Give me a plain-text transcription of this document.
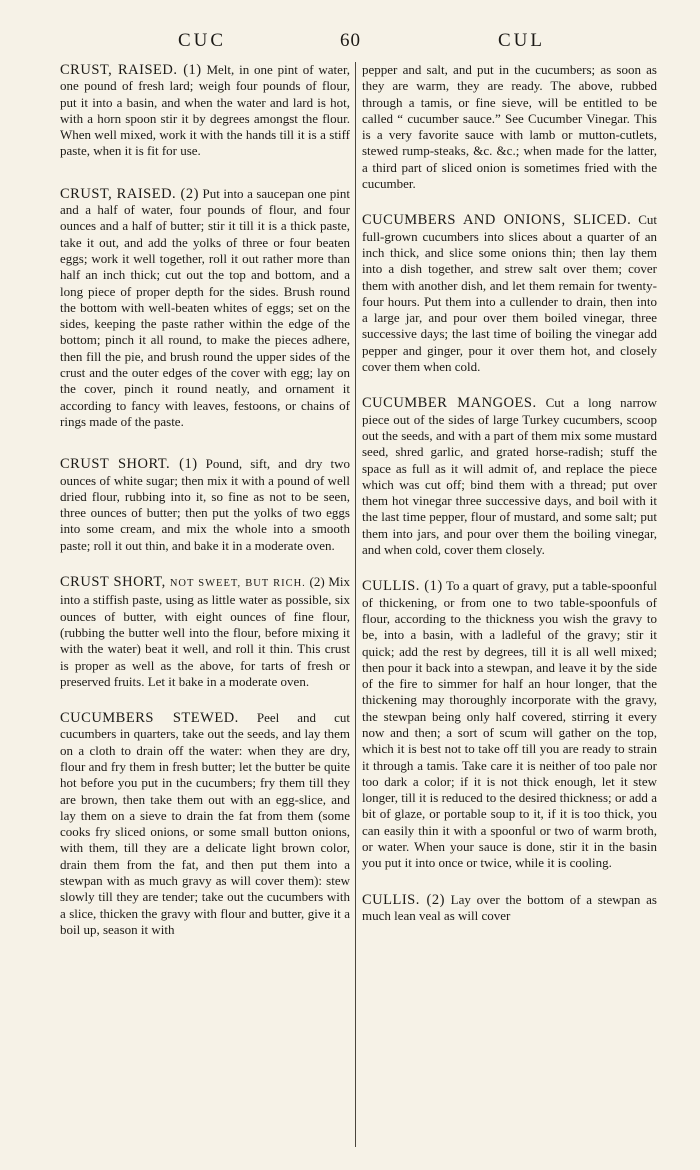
CUC	60	CUL

CRUST, RAISED. (1) Melt, in one pint of water, one pound of fresh lard; weigh four pounds of flour, put it into a basin, and when the water and lard is hot, with a horn spoon stir it by degrees amongst the flour. When well mixed, work it with the hands till it is a stiff paste, when it is fit for use.

CRUST, RAISED. (2) Put into a saucepan one pint and a half of water, four pounds of flour, and four ounces and a half of butter; stir it till it is a thick paste, take it out, and add the yolks of three or four beaten eggs; work it well together, roll it out rather more than half an inch thick; cut out the top and bottom, and a long piece of proper depth for the sides. Brush round the bottom with well-beaten whites of eggs; set on the sides, keeping the paste rather within the edge of the bottom; pinch it all round, to make the pieces adhere, then fill the pie, and brush round the upper sides of the crust and the outer edges of the cover with egg; lay on the cover, pinch it round neatly, and ornament it according to fancy with leaves, festoons, or chains of rings made of the paste.

CRUST SHORT. (1) Pound, sift, and dry two ounces of white sugar; then mix it with a pound of well dried flour, rubbing into it, so fine as not to be seen, three ounces of butter; then put the yolks of two eggs into some cream, and mix the whole into a smooth paste; roll it out thin, and bake it in a moderate oven.

CRUST SHORT, NOT SWEET, BUT RICH. (2) Mix into a stiffish paste, using as little water as possible, six ounces of butter, with eight ounces of fine flour, (rubbing the butter well into the flour, before mixing it with the water) beat it well, and roll it thin. This crust is proper as well as the above, for tarts of fresh or preserved fruits. Let it bake in a moderate oven.

CUCUMBERS STEWED. Peel and cut cucumbers in quarters, take out the seeds, and lay them on a cloth to drain off the water: when they are dry, flour and fry them in fresh butter; let the butter be quite hot before you put in the cucumbers; fry them till they are brown, then take them out with an egg-slice, and lay them on a sieve to drain the fat from them (some cooks fry sliced onions, or some small button onions, with them, till they are a delicate light brown color, drain them from the fat, and then put them into a stewpan with as much gravy as will cover them): stew slowly till they are tender; take out the cucumbers with a slice, thicken the gravy with flour and butter, give it a boil up, season it with

pepper and salt, and put in the cucumbers; as soon as they are warm, they are ready. The above, rubbed through a tamis, or fine sieve, will be entitled to be called “ cucumber sauce.” See Cucumber Vinegar. This is a very favorite sauce with lamb or mutton-cutlets, stewed rump-steaks, &c. &c.; when made for the latter, a third part of sliced onion is sometimes fried with the cucumber.

CUCUMBERS AND ONIONS, SLICED. Cut full-grown cucumbers into slices about a quarter of an inch thick, and slice some onions thin; then lay them into a dish together, and strew salt over them; cover them with another dish, and let them remain for twenty-four hours. Put them into a cullender to drain, then into a large jar, and pour over them boiled vinegar, three successive days; the last time of boiling the vinegar add pepper and ginger, pour it over them hot, and closely cover them when cold.

CUCUMBER MANGOES. Cut a long narrow piece out of the sides of large Turkey cucumbers, scoop out the seeds, and with a part of them mix some mustard seed, shred garlic, and grated horse-radish; stuff the space as full as it will admit of, and replace the piece which was cut off; bind them with a thread; put over them hot vinegar three successive days, and boil with it the last time pepper, flour of mustard, and some salt; put them into jars, and pour over them the boiling vinegar, and when cold, cover them closely.

CULLIS. (1) To a quart of gravy, put a table-spoonful of thickening, or from one to two table-spoonfuls of flour, according to the thickness you wish the gravy to be, into a basin, with a ladleful of the gravy; stir it quick; add the rest by degrees, till it is all well mixed; then pour it back into a stewpan, and leave it by the side of the fire to simmer for half an hour longer, that the thickening may thoroughly incorporate with the gravy, the stewpan being only half covered, stirring it every now and then; a sort of scum will gather on the top, which it is best not to take off till you are ready to strain it through a tamis. Take care it is neither of too pale nor too dark a color; if it is not thick enough, let it stew longer, till it is reduced to the desired thickness; or add a bit of glaze, or portable soup to it, if it is too thick, you can easily thin it with a spoonful or two of warm broth, or water. When your sauce is done, stir it in the basin you put it into once or twice, while it is cooling.

CULLIS. (2) Lay over the bottom of a stewpan as much lean veal as will cover
